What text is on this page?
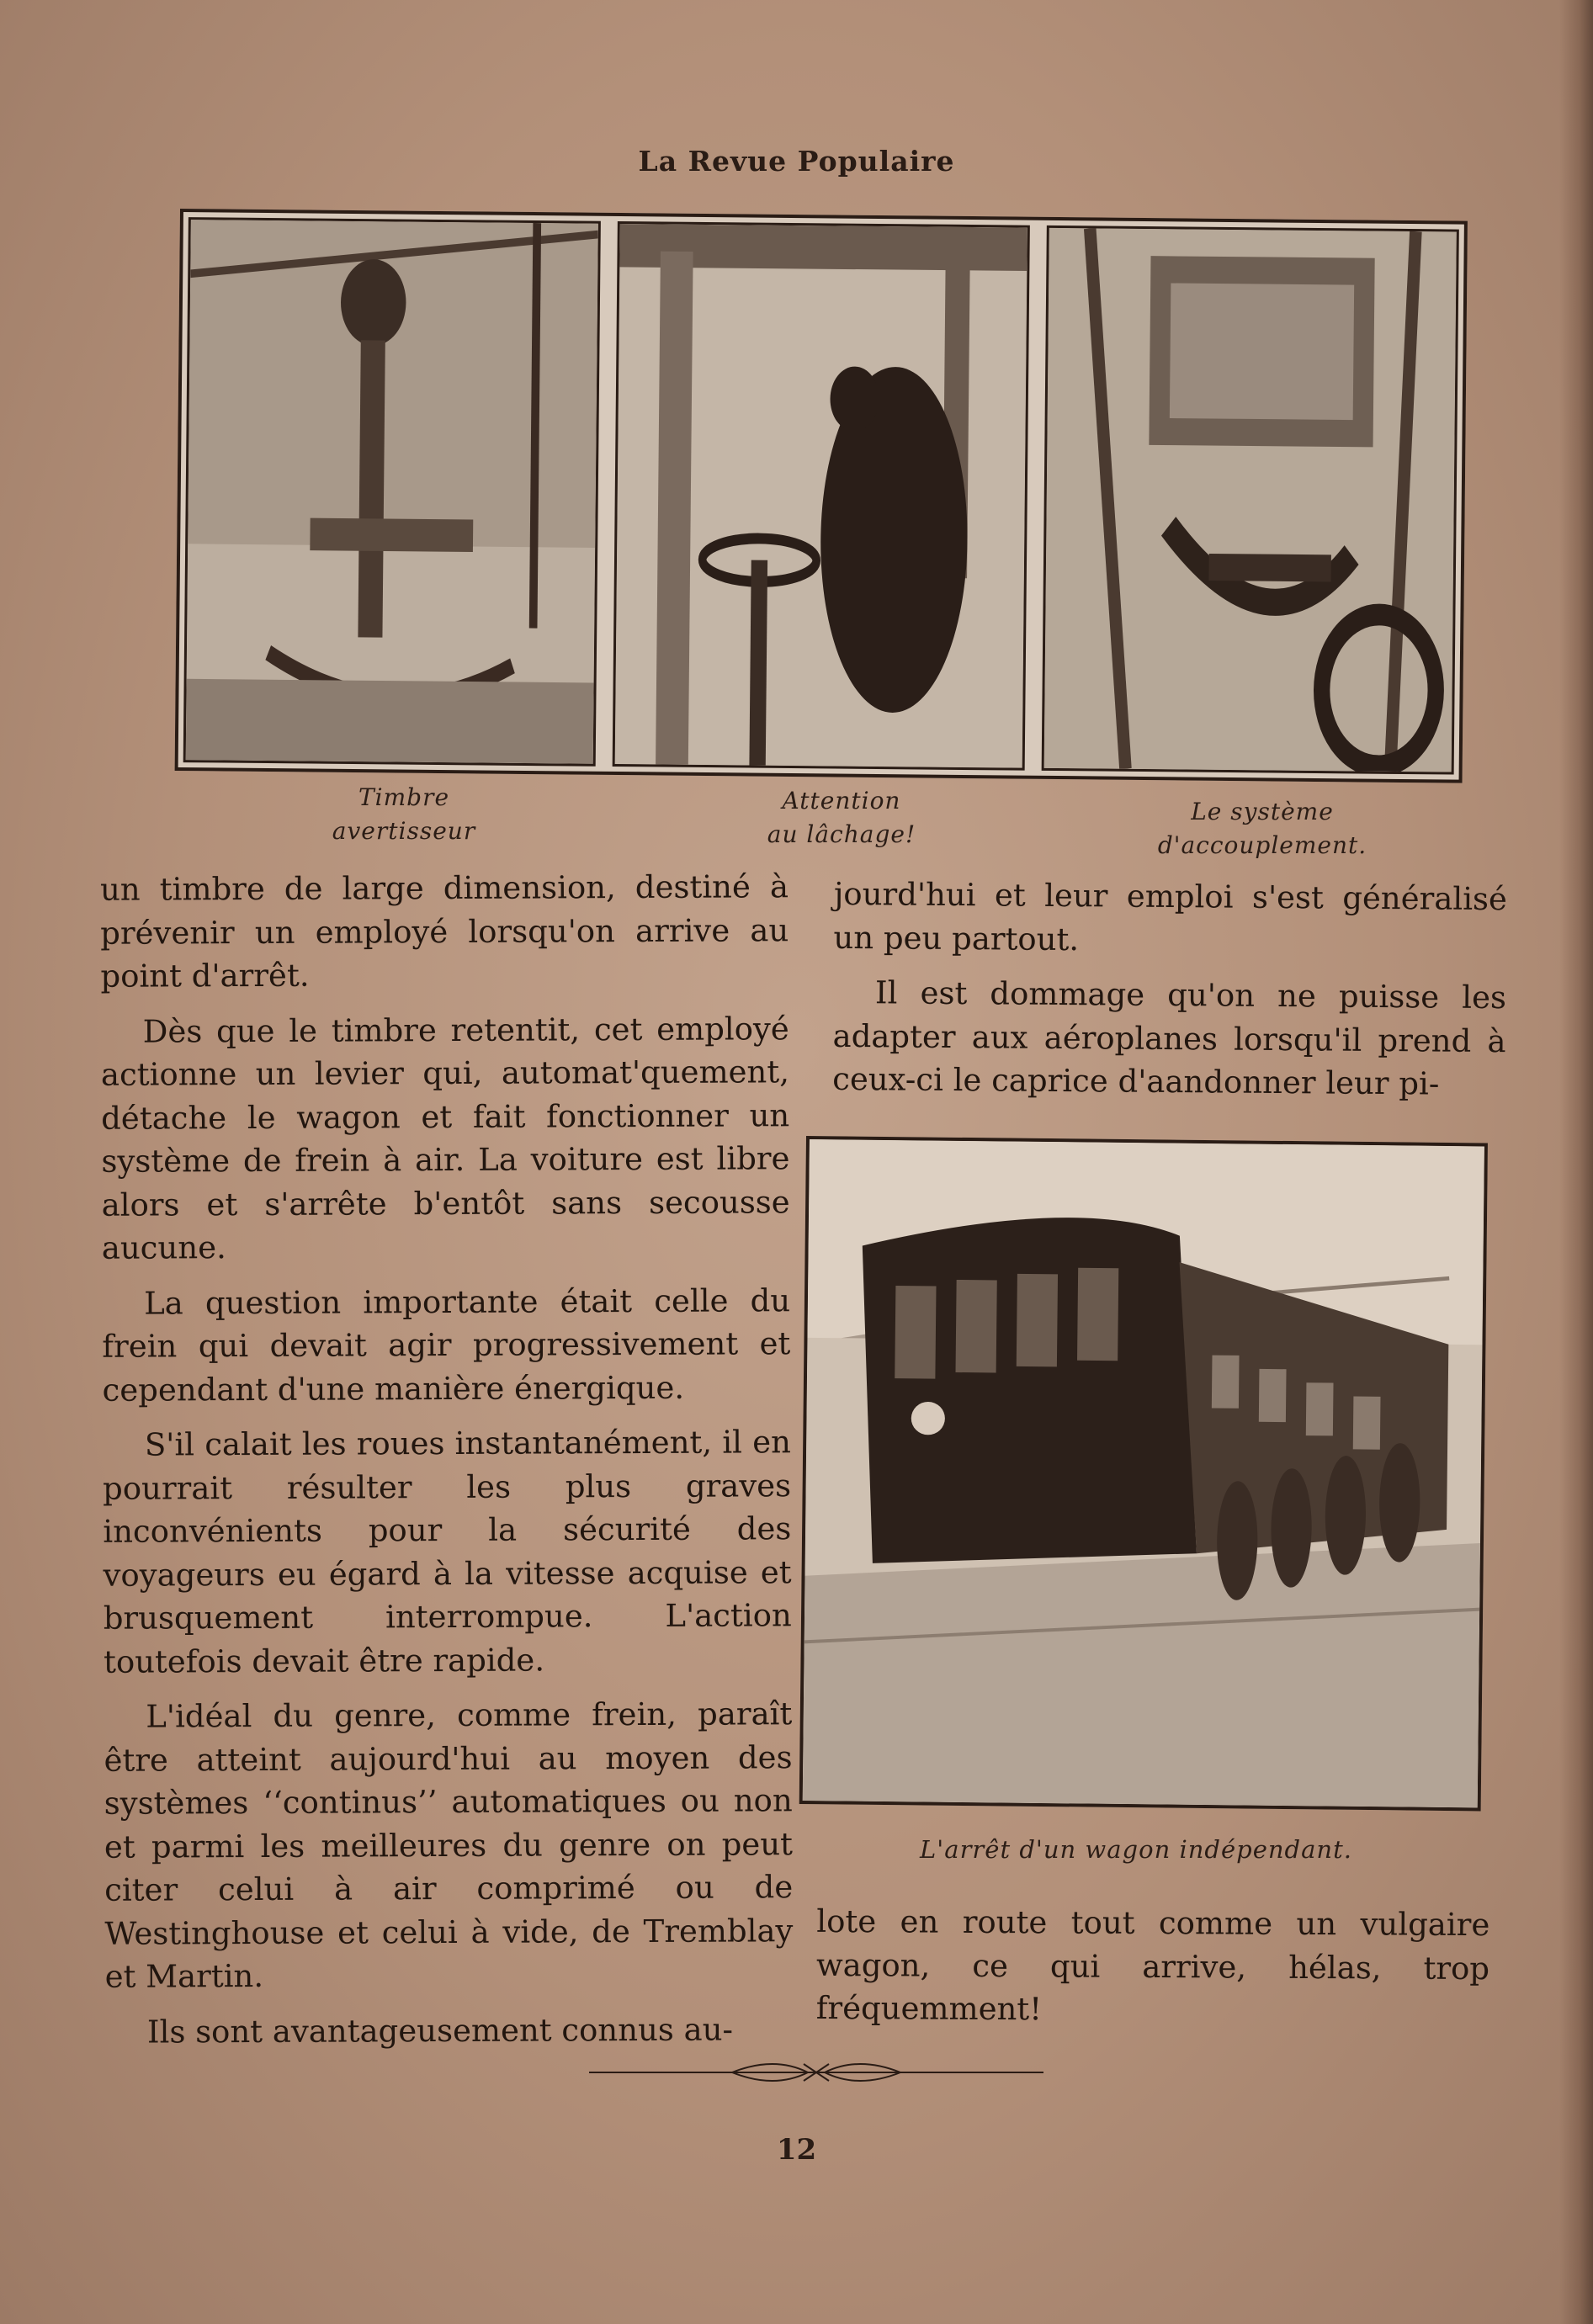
La Revue Populaire
Timbre
avertisseur
Attention
au lâchage!
Le système
d'accouplement.

un timbre de large dimension, destiné à prévenir un employé lorsqu'on arrive au point d'arrêt.

Dès que le timbre retentit, cet employé actionne un levier qui, automat'quement, détache le wagon et fait fonctionner un système de frein à air. La voiture est libre alors et s'arrête b'entôt sans secousse aucune.

La question importante était celle du frein qui devait agir progressivement et cependant d'une manière énergique.

S'il calait les roues instantanément, il en pourrait résulter les plus graves inconvénients pour la sécurité des voyageurs eu égard à la vitesse acquise et brusquement interrompue. L'action toutefois devait être rapide.

L'idéal du genre, comme frein, paraît être atteint aujourd'hui au moyen des systèmes ‘‘continus’’ automatiques ou non et parmi les meilleures du genre on peut citer celui à air comprimé ou de Westinghouse et celui à vide, de Tremblay et Martin.

Ils sont avantageusement connus au-

jourd'hui et leur emploi s'est généralisé un peu partout.

Il est dommage qu'on ne puisse les adapter aux aéroplanes lorsqu'il prend à ceux-ci le caprice d'aandonner leur pi-

L'arrêt d'un wagon indépendant.

lote en route tout comme un vulgaire wagon, ce qui arrive, hélas, trop fréquemment!

12
